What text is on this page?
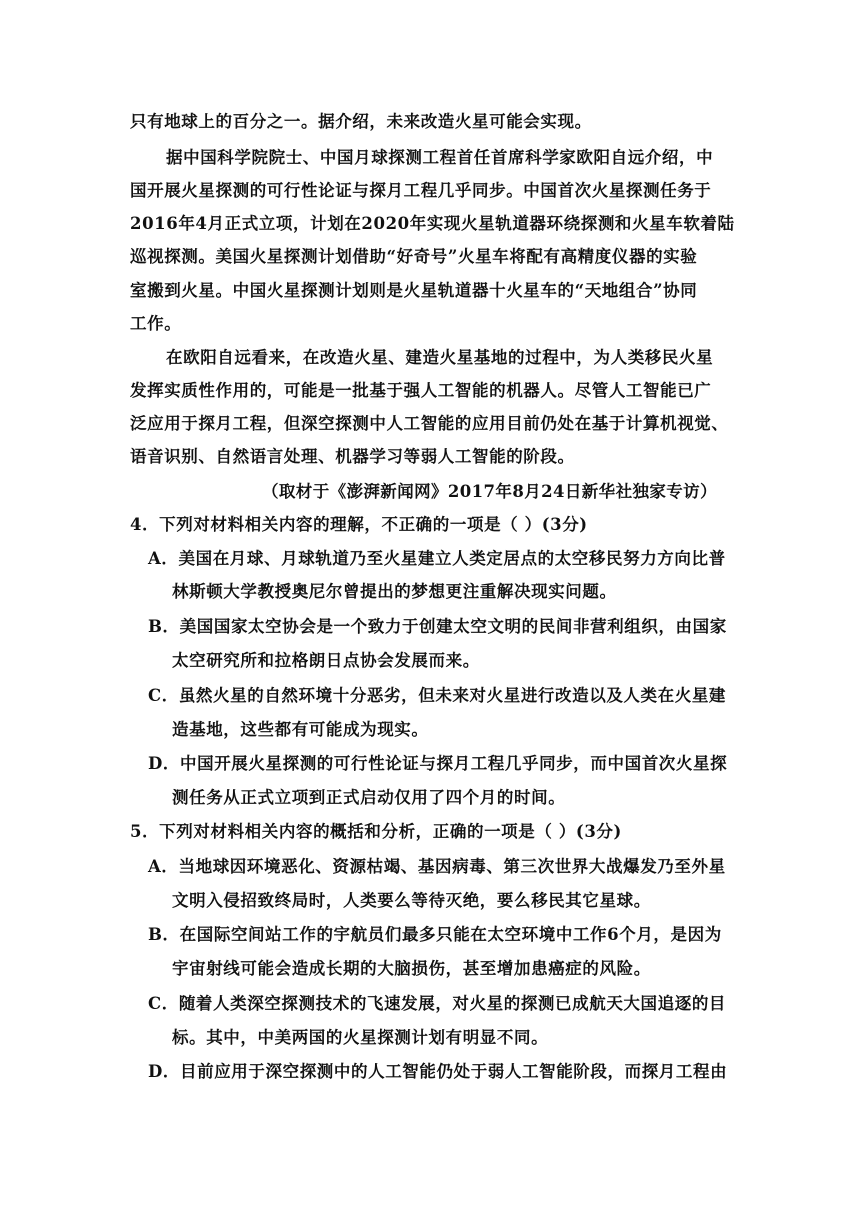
只有地球上的百分之一。据介绍，未来改造火星可能会实现。
据中国科学院院士、中国月球探测工程首任首席科学家欧阳自远介绍，中
国开展火星探测的可行性论证与探月工程几乎同步。中国首次火星探测任务于
2016年4月正式立项，计划在2020年实现火星轨道器环绕探测和火星车软着陆
巡视探测。美国火星探测计划借助“好奇号”火星车将配有高精度仪器的实验
室搬到火星。中国火星探测计划则是火星轨道器十火星车的“天地组合”协同
工作。
在欧阳自远看来，在改造火星、建造火星基地的过程中，为人类移民火星
发挥实质性作用的，可能是一批基于强人工智能的机器人。尽管人工智能已广
泛应用于探月工程，但深空探测中人工智能的应用目前仍处在基于计算机视觉、
语音识别、自然语言处理、机器学习等弱人工智能的阶段。
（取材于《澎湃新闻网》2017年8月24日新华社独家专访）
4．下列对材料相关内容的理解，不正确的一项是（ ）(3分)
A．美国在月球、月球轨道乃至火星建立人类定居点的太空移民努力方向比普
林斯顿大学教授奥尼尔曾提出的梦想更注重解决现实问题。
B．美国国家太空协会是一个致力于创建太空文明的民间非营利组织，由国家
太空研究所和拉格朗日点协会发展而来。
C．虽然火星的自然环境十分恶劣，但未来对火星进行改造以及人类在火星建
造基地，这些都有可能成为现实。
D．中国开展火星探测的可行性论证与探月工程几乎同步，而中国首次火星探
测任务从正式立项到正式启动仅用了四个月的时间。
5．下列对材料相关内容的概括和分析，正确的一项是（ ）(3分)
A．当地球因环境恶化、资源枯竭、基因病毒、第三次世界大战爆发乃至外星
文明入侵招致终局时，人类要么等待灭绝，要么移民其它星球。
B．在国际空间站工作的宇航员们最多只能在太空环境中工作6个月，是因为
宇宙射线可能会造成长期的大脑损伤，甚至增加患癌症的风险。
C．随着人类深空探测技术的飞速发展，对火星的探测已成航天大国追逐的目
标。其中，中美两国的火星探测计划有明显不同。
D．目前应用于深空探测中的人工智能仍处于弱人工智能阶段，而探月工程由
